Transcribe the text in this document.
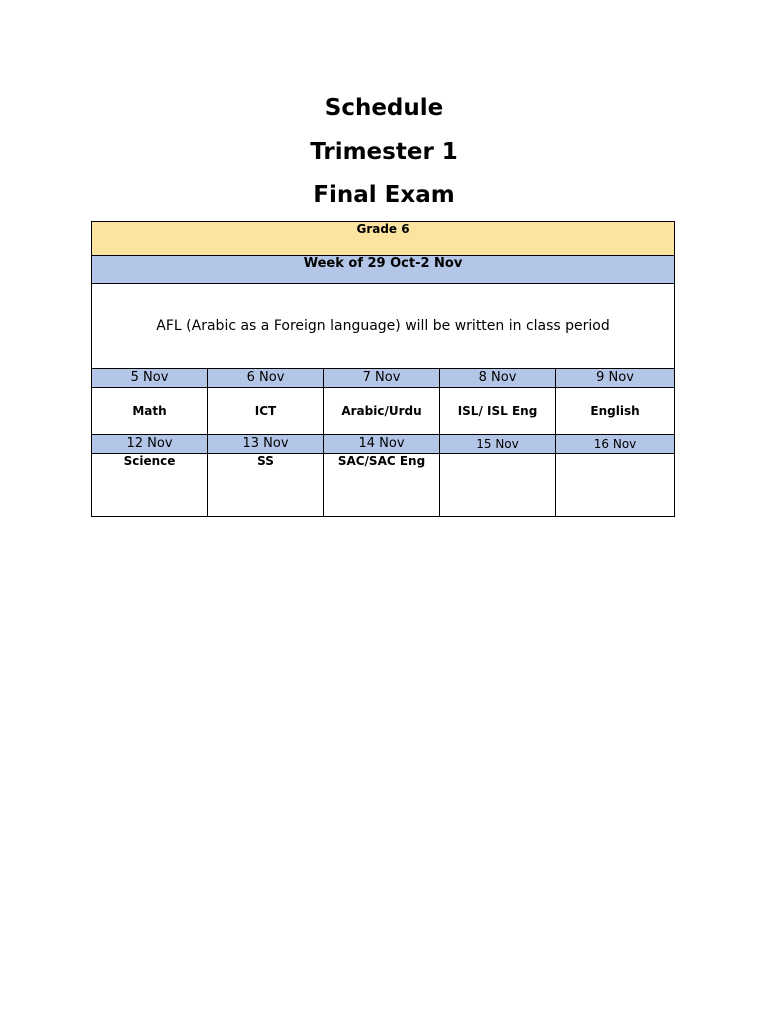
Schedule
Trimester 1
Final Exam
Grade 6				
Week of 29 Oct-2 Nov				
AFL (Arabic as a Foreign language) will be written in class period				
5 Nov	6 Nov	7 Nov	8 Nov	9 Nov
Math	ICT	Arabic/Urdu	ISL/ ISL Eng	English
12 Nov	13 Nov	14 Nov	15 Nov	16 Nov
Science	SS	SAC/SAC Eng		
